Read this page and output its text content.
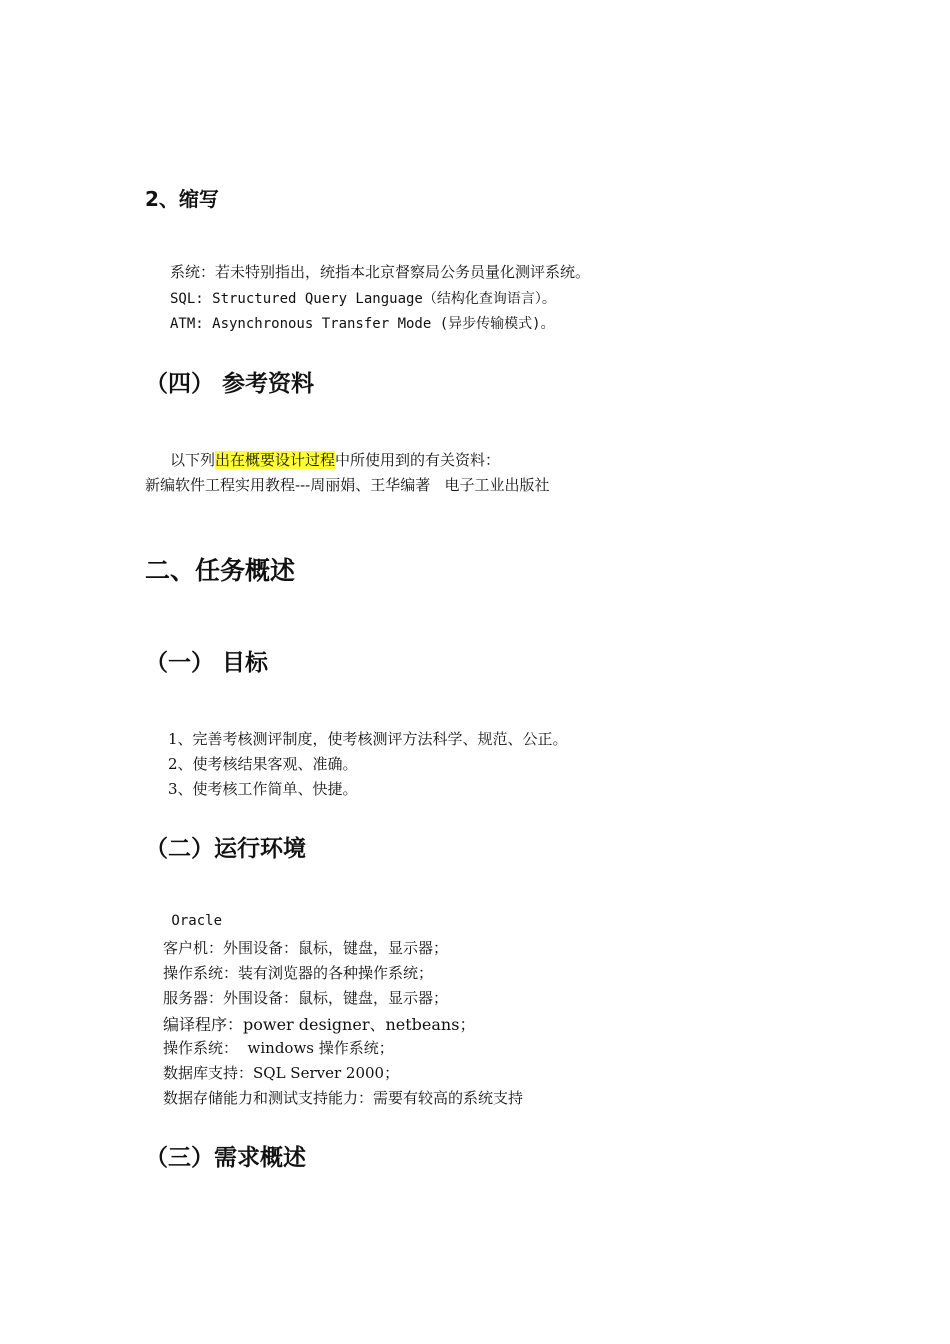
2、缩写
系统：若未特别指出，统指本北京督察局公务员量化测评系统。
SQL: Structured Query Language（结构化查询语言）。
ATM: Asynchronous Transfer Mode (异步传输模式)。
（四） 参考资料
以下列出在概要设计过程中所使用到的有关资料：
新编软件工程实用教程---周丽娟、王华编著   电子工业出版社
二、任务概述
（一） 目标
1、完善考核测评制度，使考核测评方法科学、规范、公正。
2、使考核结果客观、准确。
3、使考核工作简单、快捷。
（二）运行环境
Oracle
客户机：外围设备：鼠标，键盘，显示器；
操作系统：装有浏览器的各种操作系统；
服务器：外围设备：鼠标，键盘，显示器；
编译程序：power designer、netbeans；
操作系统：  windows 操作系统；
数据库支持：SQL Server 2000；
数据存储能力和测试支持能力：需要有较高的系统支持
（三）需求概述
